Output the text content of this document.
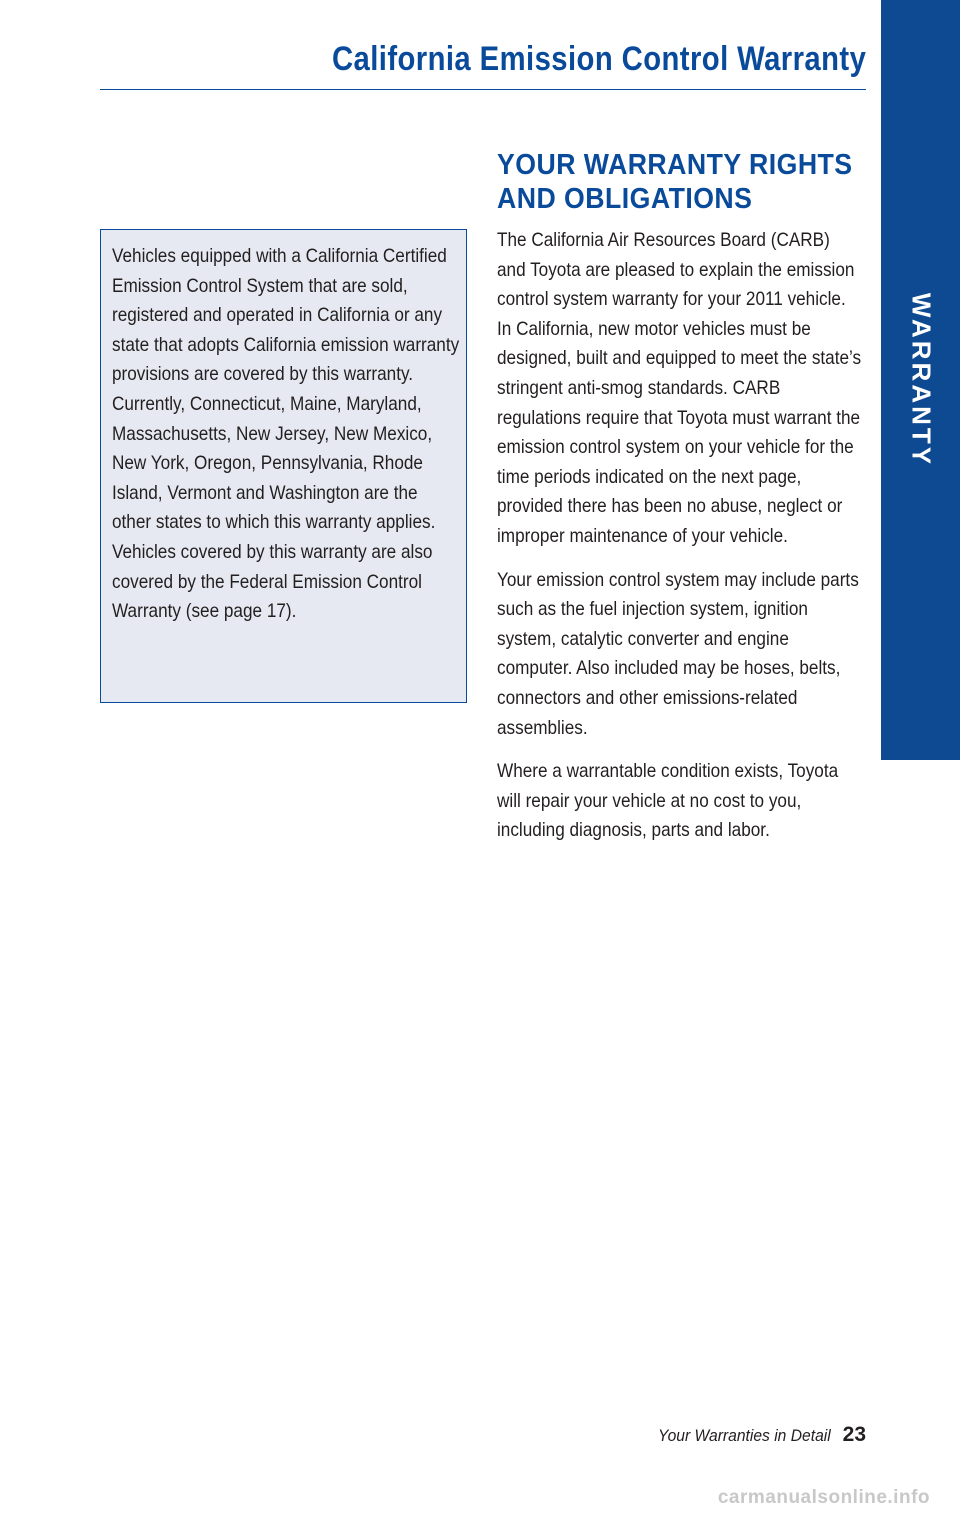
California Emission Control Warranty
WARRANTY

Vehicles equipped with a California Certified Emission Control System that are sold, registered and operated in California or any state that adopts California emission warranty provisions are covered by this warranty. Currently, Connecticut, Maine, Maryland, Massachusetts, New Jersey, New Mexico, New York, Oregon, Pennsylvania, Rhode Island, Vermont and Washington are the other states to which this warranty applies. Vehicles covered by this warranty are also covered by the Federal Emission Control Warranty (see page 17).

YOUR WARRANTY RIGHTS AND OBLIGATIONS

The California Air Resources Board (CARB) and Toyota are pleased to explain the emission control system warranty for your 2011 vehicle. In California, new motor vehicles must be designed, built and equipped to meet the state’s stringent anti-smog standards. CARB regulations require that Toyota must warrant the emission control system on your vehicle for the time periods indicated on the next page, provided there has been no abuse, neglect or improper maintenance of your vehicle.

Your emission control system may include parts such as the fuel injection system, ignition system, catalytic converter and engine computer. Also included may be hoses, belts, connectors and other emissions-related assemblies.

Where a warrantable condition exists, Toyota will repair your vehicle at no cost to you, including diagnosis, parts and labor.

Your Warranties in Detail 23
carmanualsonline.info
